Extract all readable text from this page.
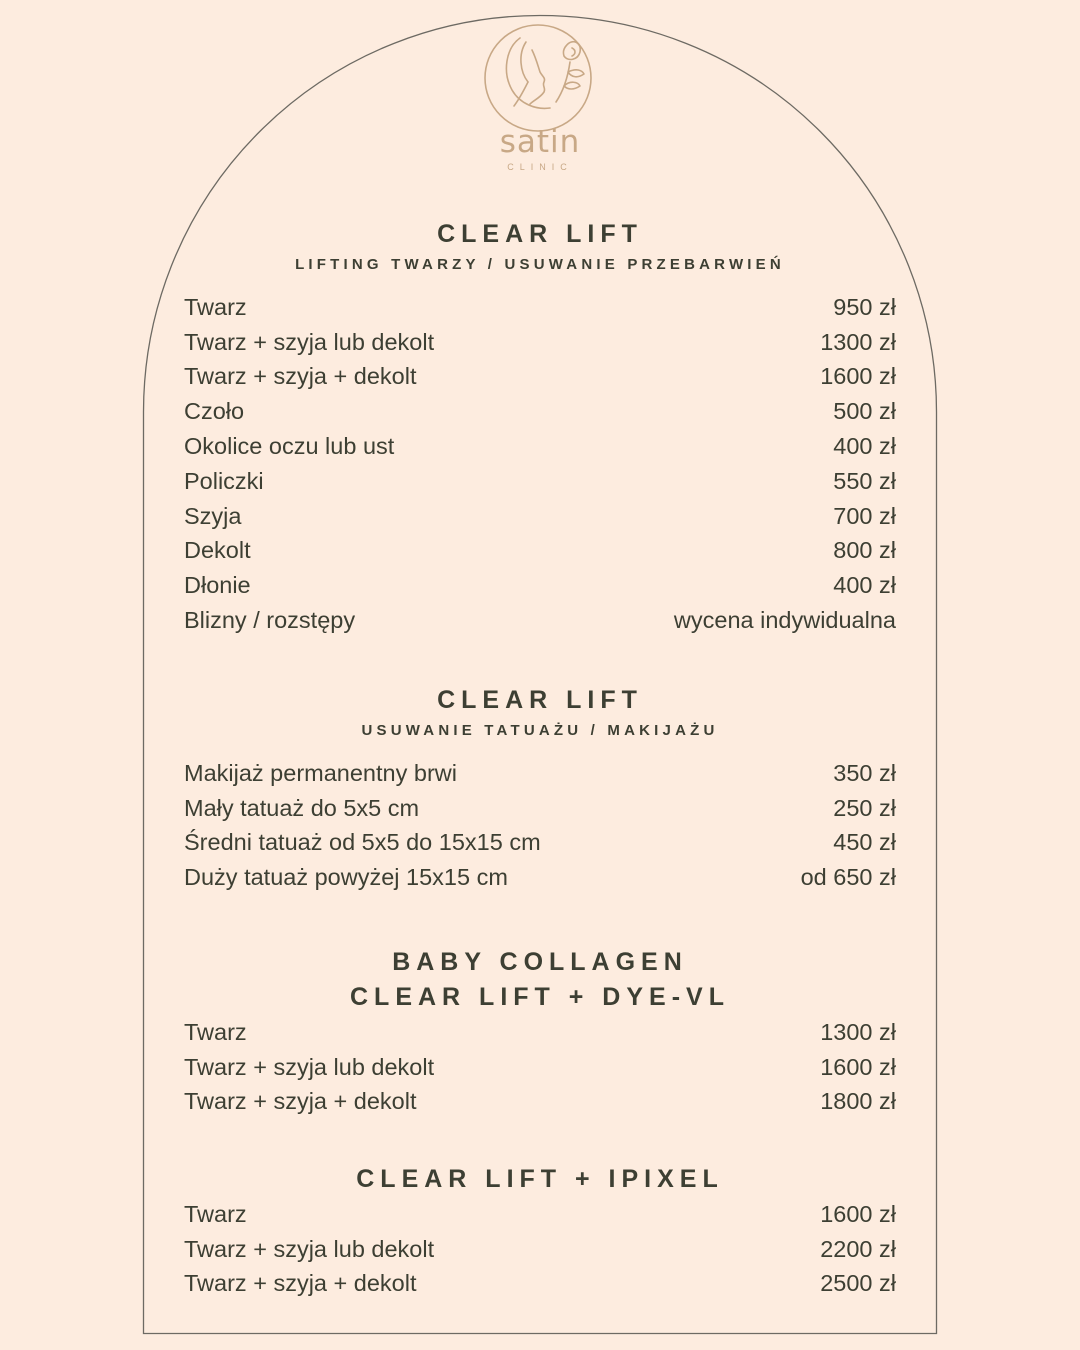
satin
CLINIC
CLEAR LIFT
LIFTING TWARZY / USUWANIE PRZEBARWIEŃ
Twarz	950 zł
Twarz + szyja lub dekolt	1300 zł
Twarz + szyja + dekolt	1600 zł
Czoło	500 zł
Okolice oczu lub ust	400 zł
Policzki	550 zł
Szyja	700 zł
Dekolt	800 zł
Dłonie	400 zł
Blizny / rozstępy	wycena indywidualna
CLEAR LIFT
USUWANIE TATUAŻU / MAKIJAŻU
Makijaż permanentny brwi	350 zł
Mały tatuaż do 5x5 cm	250 zł
Średni tatuaż od 5x5 do 15x15 cm	450 zł
Duży tatuaż powyżej 15x15 cm	od 650 zł
BABY COLLAGEN
CLEAR LIFT + DYE-VL
Twarz	1300 zł
Twarz + szyja lub dekolt	1600 zł
Twarz + szyja + dekolt	1800 zł
CLEAR LIFT + IPIXEL
Twarz	1600 zł
Twarz + szyja lub dekolt	2200 zł
Twarz + szyja + dekolt	2500 zł
